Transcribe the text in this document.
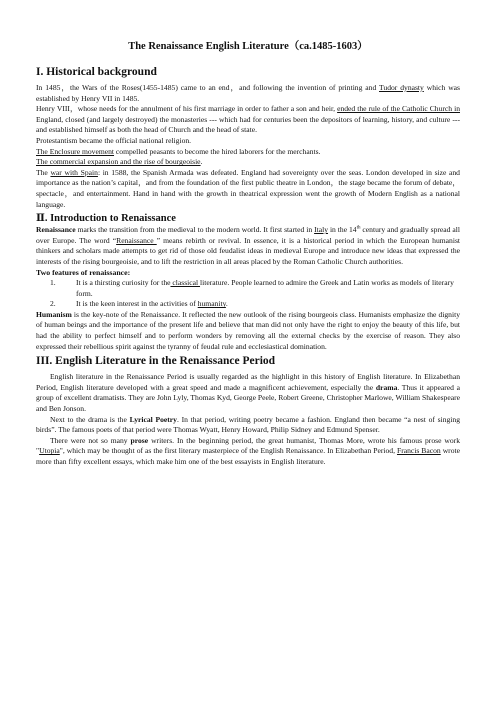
The Renaissance English Literature（ca.1485-1603）
I. Historical background

In 1485，the Wars of the Roses(1455-1485) came to an end，and following the invention of printing and Tudor dynasty which was established by Henry VII in 1485.

Henry VIII，whose needs for the annulment of his first marriage in order to father a son and heir, ended the rule of the Catholic Church in England, closed (and largely destroyed) the monasteries --- which had for centuries been the depositors of learning, history, and culture --- and established himself as both the head of Church and the head of state.

Protestantism became the official national religion.

The Enclosure movement compelled peasants to become the hired laborers for the merchants.

The commercial expansion and the rise of bourgeoisie.

The war with Spain: in 1588, the Spanish Armada was defeated. England had sovereignty over the seas. London developed in size and importance as the nation’s capital，and from the foundation of the first public theatre in London，the stage became the forum of debate，spectacle，and entertainment. Hand in hand with the growth in theatrical expression went the growth of Modern English as a national language.

Ⅱ. Introduction to Renaissance

Renaissance marks the transition from the medieval to the modern world. It first started in Italy in the 14th century and gradually spread all over Europe. The word “Renaissance ” means rebirth or revival. In essence, it is a historical period in which the European humanist thinkers and scholars made attempts to get rid of those old feudalist ideas in medieval Europe and introduce new ideas that expressed the interests of the rising bourgeoisie, and to lift the restriction in all areas placed by the Roman Catholic Church authorities.

Two features of renaissance:
1.	It is a thirsting curiosity for the classical literature. People learned to admire the Greek and Latin works as models of literary form.
2.	It is the keen interest in the activities of humanity.

Humanism is the key-note of the Renaissance. It reflected the new outlook of the rising bourgeois class. Humanists emphasize the dignity of human beings and the importance of the present life and believe that man did not only have the right to enjoy the beauty of this life, but had the ability to perfect himself and to perform wonders by removing all the external checks by the exercise of reason. They also expressed their rebellious spirit against the tyranny of feudal rule and ecclesiastical domination.

III. English Literature in the Renaissance Period

English literature in the Renaissance Period is usually regarded as the highlight in this history of English literature. In Elizabethan Period, English literature developed with a great speed and made a magnificent achievement, especially the drama. Thus it appeared a group of excellent dramatists. They are John Lyly, Thomas Kyd, George Peele, Robert Greene, Christopher Marlowe, William Shakespeare and Ben Jonson.

Next to the drama is the Lyrical Poetry. In that period, writing poetry became a fashion. England then became “a nest of singing birds”. The famous poets of that period were Thomas Wyatt, Henry Howard, Philip Sidney and Edmund Spenser.

There were not so many prose writers. In the beginning period, the great humanist, Thomas More, wrote his famous prose work "Utopia", which may be thought of as the first literary masterpiece of the English Renaissance. In Elizabethan Period, Francis Bacon wrote more than fifty excellent essays, which make him one of the best essayists in English literature.
